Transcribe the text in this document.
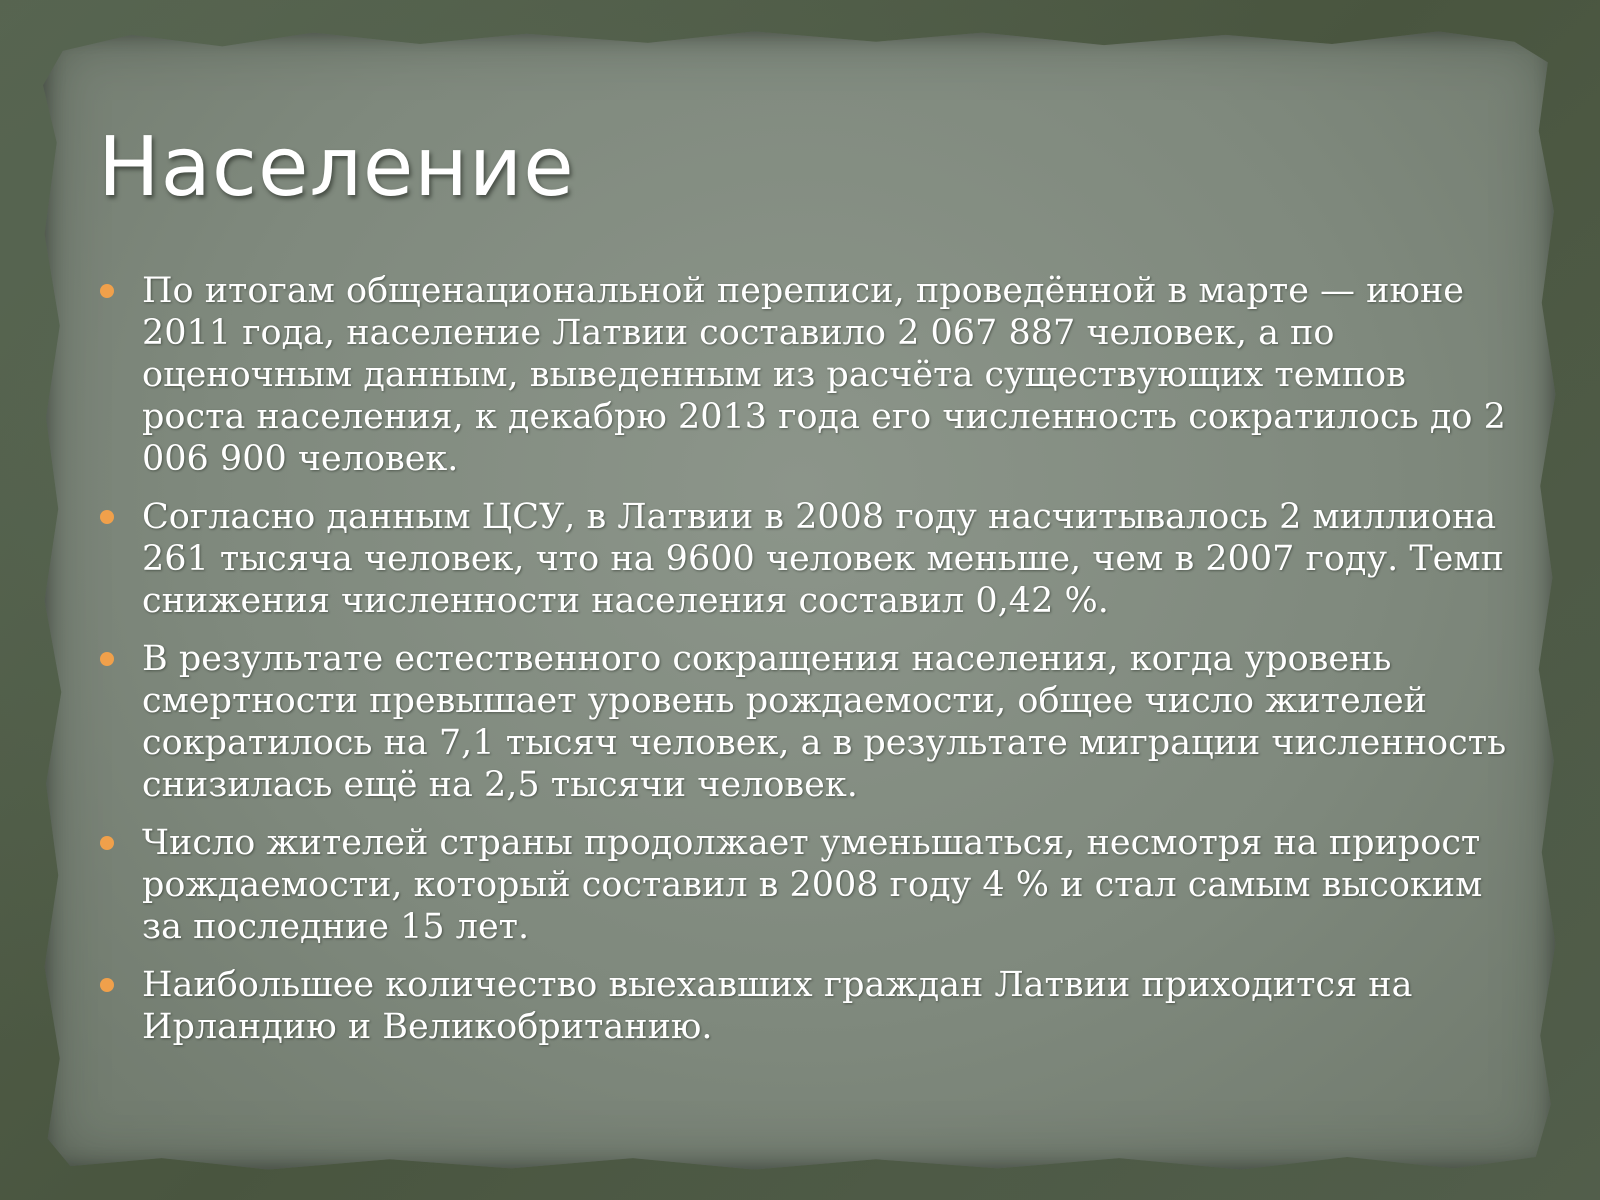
Население
По итогам общенациональной переписи, проведённой в марте — июне 2011 года, население Латвии составило 2 067 887 человек, а по оценочным данным, выведенным из расчёта существующих темпов роста населения, к декабрю 2013 года его численность сократилось до 2 006 900 человек.
Согласно данным ЦСУ, в Латвии в 2008 году насчитывалось 2 миллиона 261 тысяча человек, что на 9600 человек меньше, чем в 2007 году. Темп снижения численности населения составил 0,42 %.
В результате естественного сокращения населения, когда уровень смертности превышает уровень рождаемости, общее число жителей сократилось на 7,1 тысяч человек, а в результате миграции численность снизилась ещё на 2,5 тысячи человек.
Число жителей страны продолжает уменьшаться, несмотря на прирост рождаемости, который составил в 2008 году 4 % и стал самым высоким за последние 15 лет.
Наибольшее количество выехавших граждан Латвии приходится на Ирландию и Великобританию.
